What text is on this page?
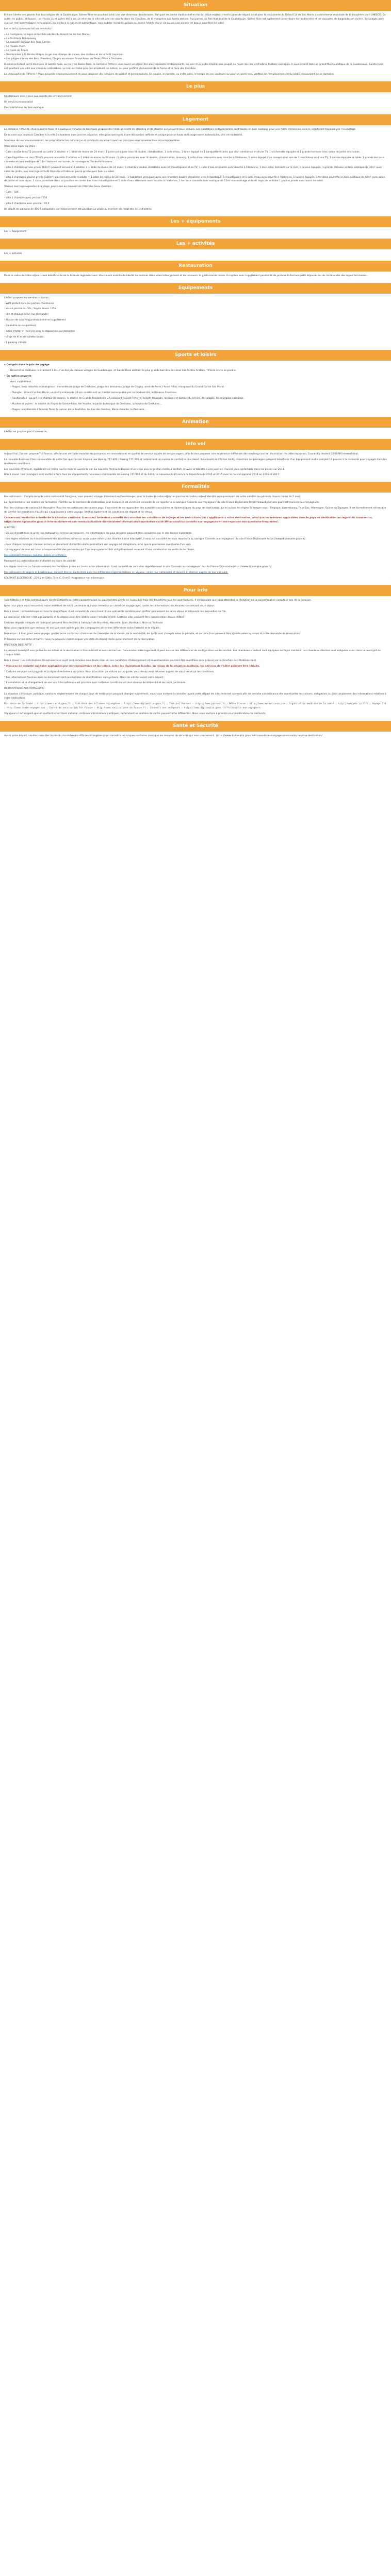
Situation

Encore intime des grands flux touristiques de la Guadeloupe, Sainte-Rose se prochant ainsi une vue charmeur dombreuses. Son port de pêche traditionnel en fait un atout majeur. Il est le point de départ idéal pour la découverte du Grand Cul de Sac Marin, classé réserve mondiale de la biosphère par l'UNESCO. En outre, en public, en bouse... Je n'avais vu et guère été à sol. Le relief de la ville est une vie colorée dans les Caraïbes, de la mangrove aux forêts denses. Aux portes du Parc National de la Guadeloupe, Sainte-Rose est également un territoire de randonnées et de cascades, de baignades en rivière. Ses plages avec vue sur mer sont typiques de la région, qui invite à la nature et authentique, sans oublier les belles plages ou calme hérités d'une vie au pouvoir animer de beaux couchers de soleil.

Les + de la commune (et ses environs) :

• La mangrove, la lagon et les îlots abrités du Grand Cul de Sac Marin
• La Distillerie Reimonenq
• La cascade du Saut des Trois Cordes
• Le musée rhum
• La route de Rhum
• Randonnées à la Pointe Allègre, le gel des champs de canne, des rivières et de la forêt tropicale
• Les plages d'Anse des Ilets, Plessiers, Clugny ou encore Grand Anse, de Perle, Pillon à Deshaies

Idéalement placé entre Deshaies et Sainte-Rose, au nord de Basse-Terre, le Domaine TIPlerre vous ouvre un séjour des plus reposants et dépaysants, au sein d'un jardin tropical pas peuplé de fleurs des îles et d'arbres fruitiers exotiques. Il vous attend dans un grand flux touristique de la Guadeloupe, Sainte-Rose est pourtant une ville aux charmes indéniables. Le coin est idéal pour les amateurs de nature, ou pour profiter pleinement de la faune et la flore des Caraïbes.

La philosophie de TIPierre ? Vous accueillir chaleureusement et vous proposer des services de qualité et personnalisés. En couple, en famille, ou entre amis, le temps de vos vacances ou pour un week-end, profitez de l'emplacement et du cadre ressourçant de ce domaine.

Le plus

On demeure mes Il bien aux abords des environnement

Un service personnalisé

Des habitations en bois exotique

Logement

Le domaine TIPIERRE situé à Sainte-Rose et à quelques minutes de Deshaies propose des hébergements de standing et de charme qui peuvent vous séduire. Les habitations indépendantes sont toutes en bois exotique pour une fidèle immersion dans la végétation tropicale par l'envoûtage.

De la case aux couleurs Caraïbes à la villa 2 chambres avec piscine privative, elles pourront touté d'une décoration raffinée et unique pour un beau métissage entre authenticité, chic et modernité.

Soucieux de leur environnement, les propriétaires les ont conçus et construits en accord avec les principes environnementaux éco-responsables.

Vous serez logés au choix :

- Case caraïbe bleu/T2 pouvant accueillir 2 adultes + 1 bébé de moins de 24 mois : 1 pièce principale avec lit double, climatisation, 1 salle d'eau, 1 salon équipé de 1 banquette-lit ainsi que d'un ventilateur et d'une TV. 1 kitchenette équipée et 1 grande terrasse avec salon de jardin et chaises.

- Case Fagotière sur mer (T3m²) pouvant accueillir 2 adultes + 1 bébé de moins de 24 mois : 1 pièce principale avec lit double, climatisation, dressing, 1 salle d'eau attenante avec douche à l'italienne, 1 salon équipé d'un canapé ainsi que de 1 ventilateur et d'une TV, 1 cuisine équipée et table. 1 grande terrasse couverte en bois exotique de 11m² donnant sur la mer, le mornage et l'île de Kahouanne.

- Villa 1 chambre privée privée (60m²) pouvant accueillir 2 adultes + 1 bébé de moins de 24 mois : 1 chambre double climatisée avec sa moustiquaire et sa TV, 1 salle d'eau attenante avec douche à l'italienne, 1 coin salon donnant sur la mer, 1 cuisine équipée, 1 grande terrasse en bois exotique de 30m² avec salon de jardin, vue mornage et forêt tropicale et table en pierre privée avec bain de soleil.

- Villa 2 chambres piscine privée (120m²) pouvant accueillir 4 adulte + 1 bébé de moins de 24 mois : 1 habitation principale avec une chambre double climatisée avec lit baldaquin à moustiquaire et 1 salle d'eau avec douche à l'italienne, 1 cuisine équipée, 1 terrasse couverte en bois exotique de 40m² avec salon de jardin et coin repas, 1 suite parentale dans un pavillon en contre bas avec moustiquaire et 1 salle d'eau attenante avec douche à l'italienne, 1 terrasse couverte bois exotique de 15m² vue mornage et forêt tropicale et table 1 piscine privée avec bains de soleil.

Various mornage exposées à la plage, peut vous au moment de l'état des lieux chambre :

- Case : 50€

- Villa 1 chambre avec piscine : 65€

- Villa 2 chambres avec piscine : 95 €

Un dépôt de garantie de 400 € obligatoire par hébergement est payable sur place au moment de l'état des lieux d'entrée.

Les + équipements

Les + équipement

Les + activités

Les + activités

Restauration

Dans le cadre de votre séjour, vous bénéficierez de la formule logement seul. Vous aurez ainsi toute liberté de cuisiner dans votre hébergement et de découvrir la gastronomie locale. En option avec supplément possibilité de prendre la formule petit déjeuner ou de commander des repas fait maison.

Equipements

L'hôtel propose les services suivants :

- WIFI gratuit dans les parties communes

- Veuve piscine à – 5% ; Soyez douce ! 25e

- Lits et chaises bébé (sur demande)

- Station de coaching professionnel en supplément

- Baiandrie en supplément

- Table d'hôte 'a' réserver avec le disposition sur demande

- Linge de lit et de toilette fourni.

- 1 parking clôturé

Sports et loisirs
• Compris dans le prix du voyage

Déserté/les Deshaies, si vraiment à mr., l'un des plus beaux villages de Guadeloupe, et Sainte-Rose abritant la plus grande barrière de corail des Petites Antilles, TIPierre invite sa piscine.

• En option payante

Avec supplément :

- Plages, lieux désertés et mangrove : merveilleuse plage de Deshaies, plage des amoureux, plage de Clugny, anse de Perle, l'Anse Pillon, mangrove du Grand Cul de Sac Marin.

- Plongée : Grand Cul-Sac-Marin, un récif corallien de 29 km constituant un habitat remarquable par sa biodiversité, le Réserve Cousteau.

- Randonnées : au gré des champs de cannes, la chaîne de Grande Randonnée GR1 passant devant TIPierre, la forêt tropicale, les bains et lactiers du lemier, des plages, les multiples cascades.

- Musées et autres : le musée du Rhum de Sainte-Rose, Ver'musée, le jardin botanique de Deshaies, la marina de Deshaies...

- Plages conditionnés à Grande Terre, le volcan de la Soufrière, les îles des Saintes, Marie-Galante, la Désirade...

Animation

L'hôtel ne propose pas d'animation.

Info vol

Aujourd'hui, Corsair propose TUI France, affiche une véritable mondial en puissance, en innovation et en qualité de service auprès de ses passagers, afin de leur proposer une expérience différente dès son long courrier. Illustration de cette impulsion, Corsair/Ey devient CORSAIR International.

La nouvelle Business Class renouvellée de cette fois que Corsair dispose une Boeing 747-400 / Boeing 777-200 et notamment un niveau de confort le plus élevé. Nouveauté de l'Airbus A330, désormais les passagers peuvent bénéficier d'un équipement audio complet 16 pouces à la demande pour voyager dans les meilleures conditions.

Les nouvelles Premium, également en vente tout le monde suivant le vol. La nouvelle Premium dispose d'un siège plus large d'un meilleur confort, et avec la tablette a une position d'accès plus confortable dans les places sur 2014.

Bon à savoir : les passagers sont invités à faire tous les équipements nouveaux commandés de Boeing 747/400 et du A330. Le nouveau A330 sera à la disposition de 2015 et 2016 avec le nouvel appareil 2014 en 2016 et 2017.

Formalités

Ressortissants : Compte tenu de votre nationalité française, vous pouvez voyager librement en Guadeloupe, pour la durée de votre séjour en parcourant votre carte d'identité ou le passeport de votre validité (ou périmés depuis moins de 5 ans).

La réglementation en matière de formalités d'entrée sur le territoire de destination peut évoluer, il est vivement conseillé de se reporter à la rubrique 'Conseils aux voyageurs' du site France Diplomatie https://www.diplomatie.gouv.fr/fr/conseils-aux-voyageurs/.

Pour les visiteurs de nationalité étrangère: Pour les ressortissants des autres pays, il convient de se rapprocher des autorités consulaires et diplomatiques du pays de destination. La loi suisse, les règles Schengen sont : Belgique, Luxembourg, Pays-Bas, Allemagne, Suisse ou Espagne, il est formellement nécessaire de vérifier les conditions d'accès qui s'appliquent à votre voyage. Vérifiez également les conditions de départ et de retour.

Concernant l'évolution actuelle de la situation sanitaire, il vous est fortement conseillé de consulter les conditions de voyage et les restrictions qui s'appliquent à votre destination, ainsi que les mesures applicables dans le pays de destination au regard du coronavirus. https://www.diplomatie.gouv.fr/fr/le-ministere-et-son-reseau/actualites-du-ministere/informations-coronavirus-covid-19/coronavirus-conseils-aux-voyageurs-et-nos-reponses-aux-questions-frequentes/.

A NOTER :

- En cas d'écart avec la grille nos compagnies (et nos partenaires), les informations les plus récentes peuvent être consultées sur le site France diplomatie.

- Les règles relatives au franchissement des frontières prime sur toute autre information donnée à titre informatif, il vous est conseillé de vous reporter à la rubrique 'Conseils aux voyageurs' du site France Diplomatie https://www.diplomatie.gouv.fr/.

- Pour chaque passager (mineur inclus) un document d'identité valide permettant son voyage est obligatoire, ainsi que la possession éventuelle d'un visa.

- Le voyageur mineur est sous la responsabilité des personnes qui l'accompagnent et doit obligatoirement se munir d'une autorisation de sortie du territoire.

Ressortissants français (adultes, bébés et enfants) :

Passeport ou carte nationale d'identité en cours de validité

Les règles relatives au franchissement des frontières prime sur toute autre information. Il est conseillé de consulter régulièrement le site 'Conseils aux voyageurs' du site France Diplomatie https://www.diplomatie.gouv.fr/.

Ressortissants étrangers et binationaux, doivent être en conformité avec les différentes réglementations en vigueur, selon leur nationalité et doivent s'informer auprès de leur consulat.

COURANT ELECTRIQUE : 230 V et 50Hz. Type C, D et E. Adaptateur non nécessaire.

Pour info

Taxe hôtelière et frais communiqués seront réceptifs de votre consommation ou pouvant être payés en euros. Les frais des transferts nous les sont facturés. Il est possible que vous attendiez la réception de la consommation compteur lors de la livraison.

Note : sur place vous rencontrez votre assistant de notre partenaire qui vous remettra un carnet de voyage avec toutes les informations nécessaires concernant votre séjour.

Bon à savoir : la Guadeloupe est une île magnifique. Il est conseillé de vous munir d'une voiture de location pour profiter pleinement de votre séjour et découvrir les merveilles de l'île.

La connexion internet n'est pas garantie et la vitesse peut être limitée selon l'emplacement. Certains sites peuvent être inaccessibles depuis l'hôtel.

Certains départs indiqués de l'aéroport peuvent être décalés à l'aéroport de Bruxelles, Marseille, Lyon, Bordeaux, Nice ou Toulouse.

Nous vous rappelons que certains de vos vols sont opérés par des compagnies aériennes différentes selon l'arrivée et le départ.

Remarque : Il faut, pour votre voyage, garder votre confort en choisissant le calendrier de la saison, de la rentabilité, les tarifs sont changés selon la période, et certains frais peuvent être ajoutés selon la saison et votre demande de réservation.

Précisions sur les dates et tarifs : nous ne pouvons communiquer une date de départ réelle qu'au moment de la réservation.

PRÉCISION DESCRIPTIF :

Le présent descriptif vous présente les hôtels et la destination à titre indicatif et non contractuel. Concernant votre logement, il peut exister des différences de configuration ou décoration. Les chambres standard sont équipées de façon similaire. Les chambres décrites sont indiquées aussi dans le descriptif de chaque hôtel.

Bon à savoir : Les informations transmises à ce sujet sont données sous toute réserve. Les conditions d'hébergement et de restauration peuvent être modifiées sans préavis par la direction de l'établissement.

* Mesures de sécurité sanitaire appliquées par les transporteurs et les hôtels, selon les législations locales. En raison de la situation sanitaire, les services de l'hôtel peuvent être réduits.

* Certains services sont payants et à régler directement sur place. Pour la location de voiture ou un guide, vous devez vous informer auprès de votre hôtel sur les conditions.

* Les informations fournies dans ce document sont susceptibles de modifications sans préavis. Merci de vérifier avant votre départ.

* L'annulation et le changement de vos vols internationaux est possible sous certaines conditions et sous réserve de disponibilité de notre partenaire.

INFORMATIONS AUX VOYAGEURS :

La situation climatique, politique, sanitaire, réglementaire de chaque pays de destination pouvant changer subitement, nous vous invitons à consulter avant votre départ les sites internet suivants afin de prendre connaissance des éventuelles restrictions, obligations ou tout simplement des informations relatives à votre destination.

Ministère de la Santé : https://www.santé.gouv.fr ; Ministère des Affaires étrangères : https://www.diplomatie.gouv.fr ; Institut Pasteur : https://www.pasteur.fr ; Météo France : http://www.meteofrance.com ; Organisation mondiale de la santé : http://www.who.int/fr/ ; Voyage 2.0 : http://www.sante-voyages.com ; Centre de vaccination Air France : http://www.vaccinations-airfrance.fr ; Conseils aux voyageurs : https://www.diplomatie.gouv.fr/fr/conseils-aux-voyageurs

Voyageurs il est rappelé que en quittant le territoire national, certaines informations juridiques, notamment en matière de santé, peuvent être différentes. Nous vous invitons à prendre en considération ces éléments.

Santé et Sécurité

Avant votre départ, veuillez consulter le site du ministère des Affaires étrangères pour connaître les risques sanitaires ainsi que les mesures de sécurité qui vous concernent : https://www.diplomatie.gouv.fr/fr/conseils-aux-voyageurs/conseils-par-pays-destination/
